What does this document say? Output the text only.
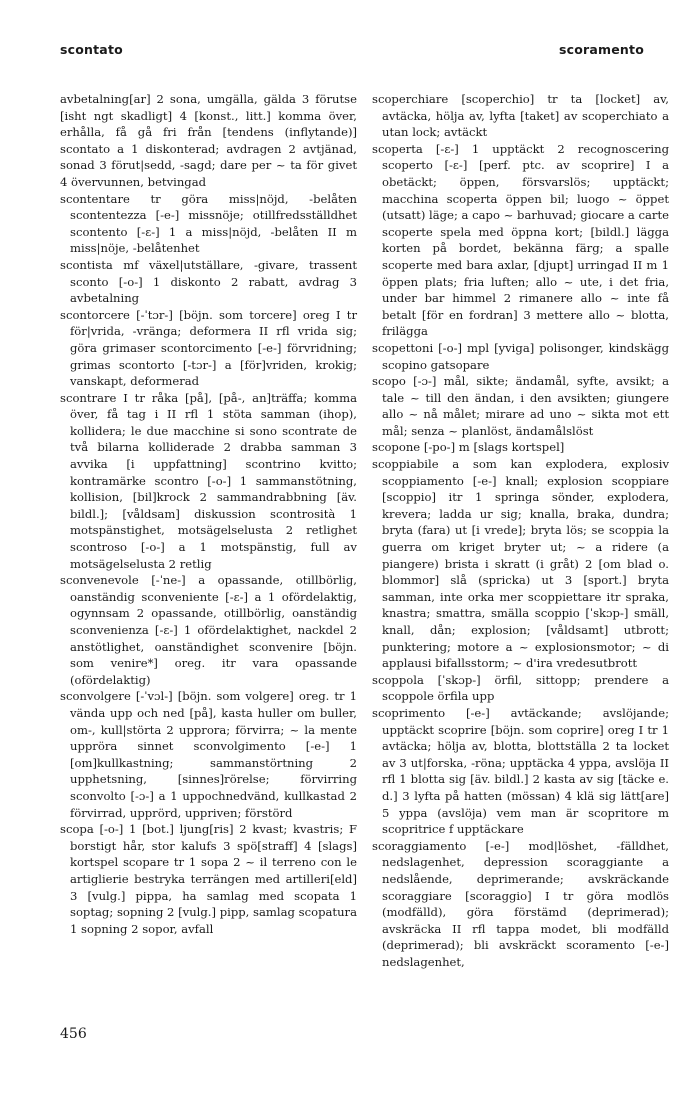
scontato	scoramento

avbetalning[ar] 2 sona, umgälla, gälda 3 förutse [isht ngt skadligt] 4 [konst., litt.] komma över, erhålla, få gå fri från [tendens (inflytande)] scontato a 1 diskonterad; avdragen 2 avtjänad, sonad 3 förut|sedd, -sagd; dare per ~ ta för givet 4 övervunnen, betvingad

scontentare tr göra miss|nöjd, -belåten scontentezza [-e-] missnöje; otillfredsställdhet scontento [-ɛ-] 1 a miss|nöjd, -belåten II m miss|nöje, -belåtenhet

scontista mf växel|utställare, -givare, trassent sconto [-o-] 1 diskonto 2 rabatt, avdrag 3 avbetalning

scontorcere [-ˈtɔr-] [böjn. som torcere] oreg I tr för|vrida, -vränga; deformera II rfl vrida sig; göra grimaser scontorcimento [-e-] förvridning; grimas scontorto [-tɔr-] a [för]vriden, krokig; vanskapt, deformerad

scontrare I tr råka [på], [på-, an]träffa; komma över, få tag i II rfl 1 stöta samman (ihop), kollidera; le due macchine si sono scontrate de två bilarna kolliderade 2 drabba samman 3 avvika [i uppfattning] scontrino kvitto; kontramärke scontro [-o-] 1 sammanstötning, kollision, [bil]krock 2 sammandrabbning [äv. bildl.]; [våldsam] diskussion scontrosità 1 motspänstighet, motsägelselusta 2 retlighet scontroso [-o-] a 1 motspänstig, full av motsägelselusta 2 retlig

sconvenevole [-ˈne-] a opassande, otillbörlig, oanständig sconveniente [-ɛ-] a 1 ofördelaktig, ogynnsam 2 opassande, otillbörlig, oanständig sconvenienza [-ɛ-] 1 ofördelaktighet, nackdel 2 anstötlighet, oanständighet sconvenire [böjn. som venire*] oreg. itr vara opassande (ofördelaktig)

sconvolgere [-ˈvɔl-] [böjn. som volgere] oreg. tr 1 vända upp och ned [på], kasta huller om buller, om-, kull|störta 2 upprora; förvirra; ~ la mente uppröra sinnet sconvolgimento [-e-] 1 [om]kullkastning; sammanstörtning 2 upphetsning, [sinnes]rörelse; förvirring sconvolto [-ɔ-] a 1 uppochnedvänd, kullkastad 2 förvirrad, upprörd, uppriven; förstörd

scopa [-o-] 1 [bot.] ljung[ris] 2 kvast; kvastris; F borstigt hår, stor kalufs 3 spö[straff] 4 [slags] kortspel scopare tr 1 sopa 2 ~ il terreno con le artiglierie bestryka terrängen med artilleri[eld] 3 [vulg.] pippa, ha samlag med scopata 1 soptag; sopning 2 [vulg.] pipp, samlag scopatura 1 sopning 2 sopor, avfall

scoperchiare [scoperchio] tr ta [locket] av, avtäcka, hölja av, lyfta [taket] av scoperchiato a utan lock; avtäckt

scoperta [-ɛ-] 1 upptäckt 2 recognoscering scoperto [-ɛ-] [perf. ptc. av scoprire] I a obetäckt; öppen, försvarslös; upptäckt; macchina scoperta öppen bil; luogo ~ öppet (utsatt) läge; a capo ~ barhuvad; giocare a carte scoperte spela med öppna kort; [bildl.] lägga korten på bordet, bekänna färg; a spalle scoperte med bara axlar, [djupt] urringad II m 1 öppen plats; fria luften; allo ~ ute, i det fria, under bar himmel 2 rimanere allo ~ inte få betalt [för en fordran] 3 mettere allo ~ blotta, frilägga

scopettoni [-o-] mpl [yviga] polisonger, kindskägg scopino gatsopare

scopo [-ɔ-] mål, sikte; ändamål, syfte, avsikt; a tale ~ till den ändan, i den avsikten; giungere allo ~ nå målet; mirare ad uno ~ sikta mot ett mål; senza ~ planlöst, ändamålslöst

scopone [-po-] m [slags kortspel]

scoppiabile a som kan explodera, explosiv scoppiamento [-e-] knall; explosion scoppiare [scoppio] itr 1 springa sönder, explodera, krevera; ladda ur sig; knalla, braka, dundra; bryta (fara) ut [i vrede]; bryta lös; se scoppia la guerra om kriget bryter ut; ~ a ridere (a piangere) brista i skratt (i gråt) 2 [om blad o. blommor] slå (spricka) ut 3 [sport.] bryta samman, inte orka mer scoppiettare itr spraka, knastra; smattra, smälla scoppio [ˈskɔp-] smäll, knall, dån; explosion; [våldsamt] utbrott; punktering; motore a ~ explosionsmotor; ~ di applausi bifallsstorm; ~ d'ira vredesutbrott

scoppola [ˈskɔp-] örfil, sittopp; prendere a scoppole örfila upp

scoprimento [-e-] avtäckande; avslöjande; upptäckt scoprire [böjn. som coprire] oreg I tr 1 avtäcka; hölja av, blotta, blottställa 2 ta locket av 3 ut|forska, -röna; upptäcka 4 yppa, avslöja II rfl 1 blotta sig [äv. bildl.] 2 kasta av sig [täcke e. d.] 3 lyfta på hatten (mössan) 4 klä sig lätt[are] 5 yppa (avslöja) vem man är scopritore m scopritrice f upptäckare

scoraggiamento [-e-] mod|löshet, -fälldhet, nedslagenhet, depression scoraggiante a nedslående, deprimerande; avskräckande scoraggiare [scoraggio] I tr göra modlös (modfälld), göra förstämd (deprimerad); avskräcka II rfl tappa modet, bli modfälld (deprimerad); bli avskräckt scoramento [-e-] nedslagenhet,

456
